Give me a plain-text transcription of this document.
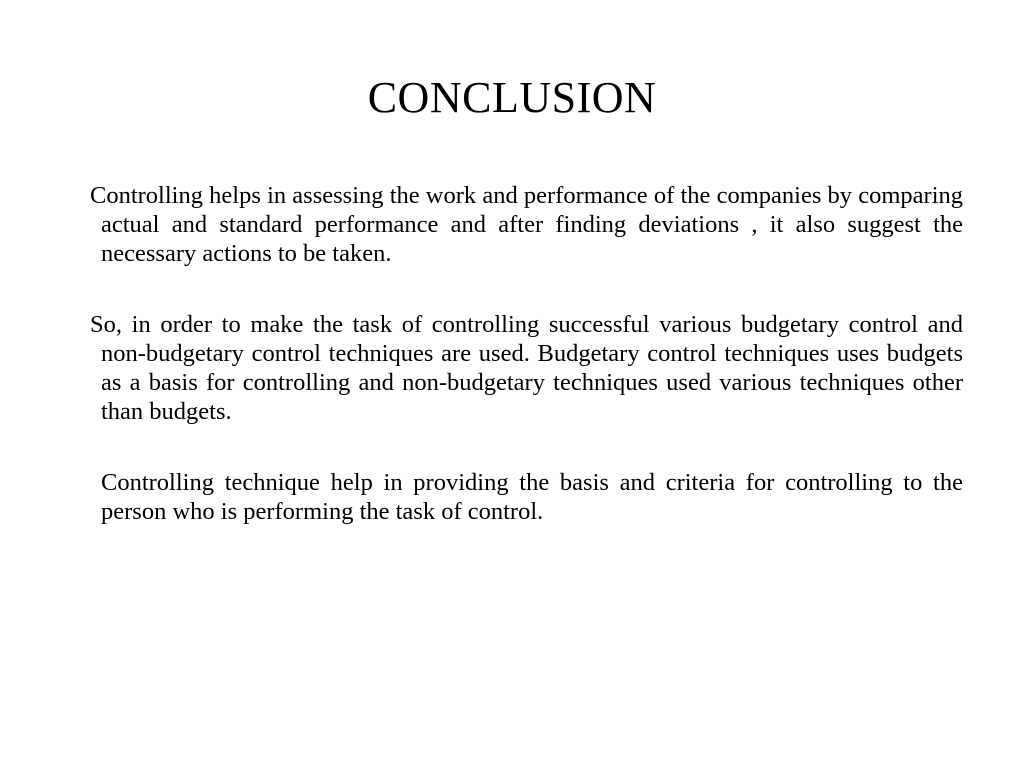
CONCLUSION

Controlling helps in assessing the work and performance of the companies by comparing actual and standard performance and after finding deviations , it also suggest the necessary actions to be taken.

So, in order to make the task of controlling successful various budgetary control and non-budgetary control techniques are used. Budgetary control techniques uses budgets as a basis for controlling and non-budgetary techniques used various techniques other than budgets.

Controlling technique help in providing the basis and criteria for controlling to the person who is performing the task of control.
